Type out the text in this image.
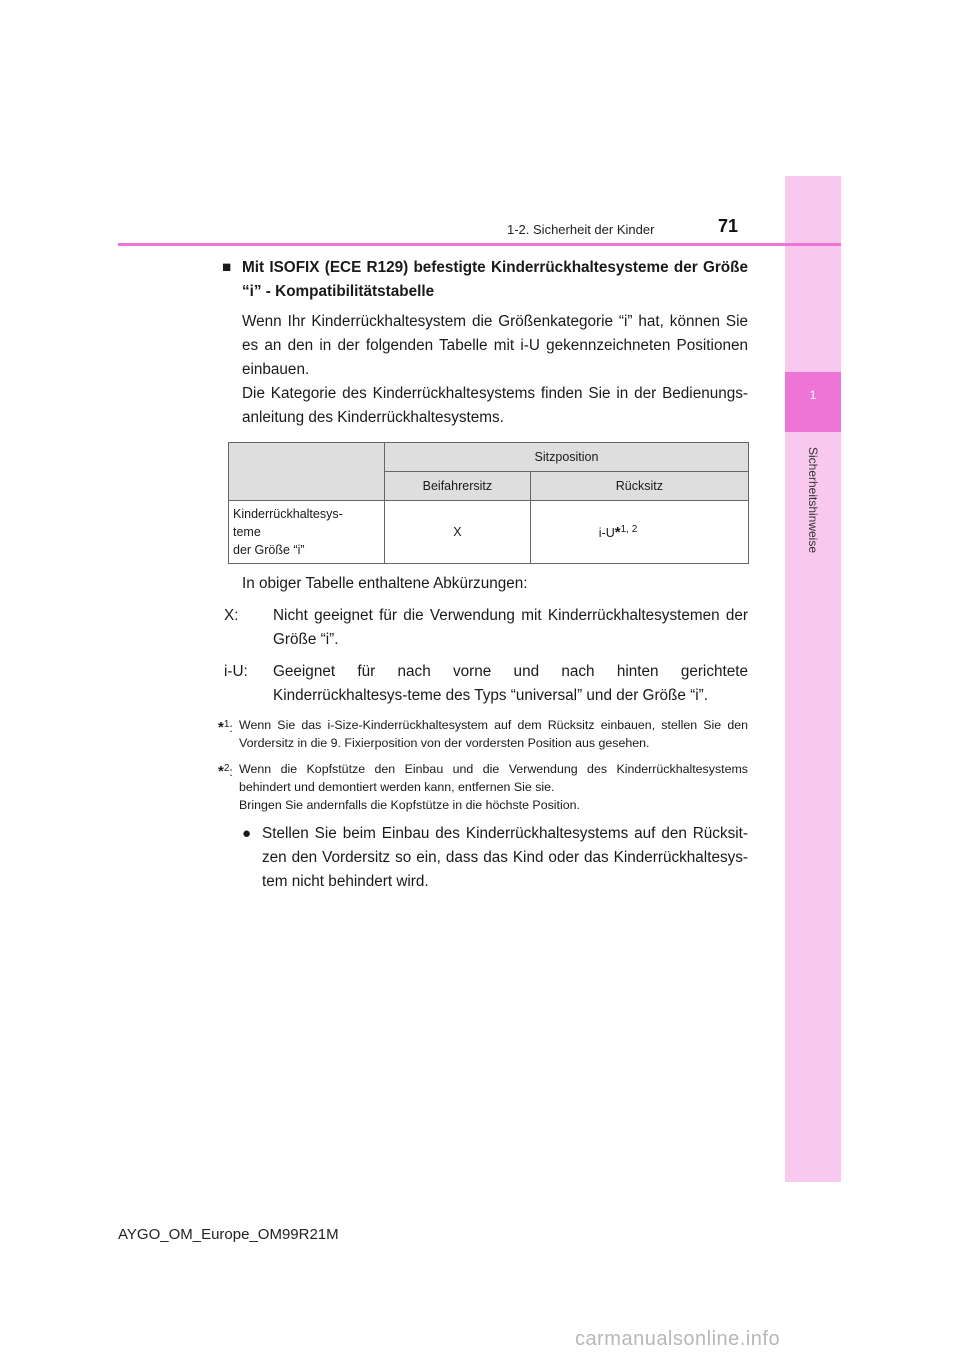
1
Sicherheitshinweise
1-2. Sicherheit der Kinder	71
■ Mit ISOFIX (ECE R129) befestigte Kinderrückhaltesysteme der Größe “i” - Kompatibilitätstabelle
Wenn Ihr Kinderrückhaltesystem die Größenkategorie “i” hat, können Sie es an den in der folgenden Tabelle mit i-U gekennzeichneten Positionen einbauen.
Die Kategorie des Kinderrückhaltesystems finden Sie in der Bedienungs-anleitung des Kinderrückhaltesystems.
	Sitzposition	
	Beifahrersitz	Rücksitz

Kinderrückhaltesys-
teme
der Größe “i”	X	i-U*$^{1, 2}$
In obiger Tabelle enthaltene Abkürzungen:
X:	Nicht geeignet für die Verwendung mit Kinderrückhaltesystemen der Größe “i”.
i-U:	Geeignet für nach vorne und nach hinten gerichtete Kinderrückhaltesys-teme des Typs “universal” und der Größe “i”.
*$^1$: Wenn Sie das i-Size-Kinderrückhaltesystem auf dem Rücksitz einbauen, stellen Sie den Vordersitz in die 9. Fixierposition von der vordersten Position aus gesehen.
*$^2$: Wenn die Kopfstütze den Einbau und die Verwendung des Kinderrückhaltesystems behindert und demontiert werden kann, entfernen Sie sie.
Bringen Sie andernfalls die Kopfstütze in die höchste Position.
● Stellen Sie beim Einbau des Kinderrückhaltesystems auf den Rücksit-zen den Vordersitz so ein, dass das Kind oder das Kinderrückhaltesys-tem nicht behindert wird.
AYGO_OM_Europe_OM99R21M
carmanualsonline.info
